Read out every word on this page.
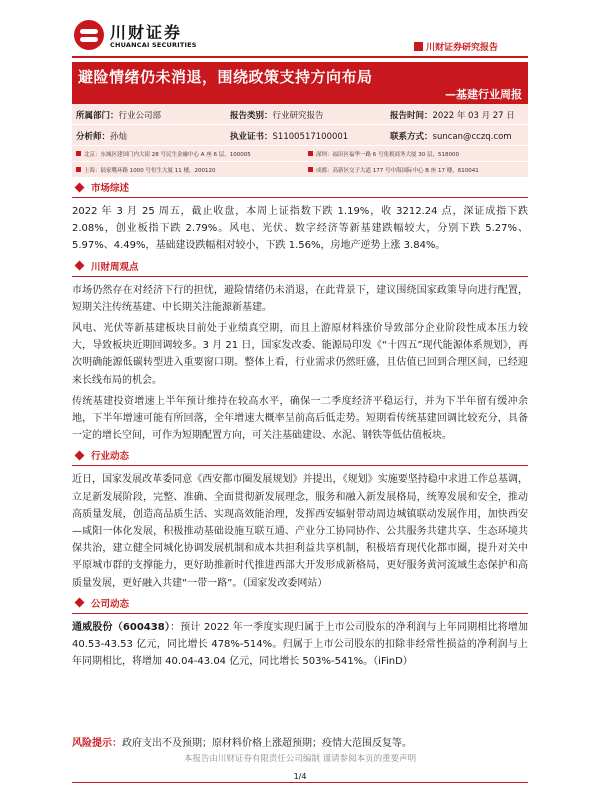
川财证券
CHUANCAI SECURITIES	川财证券研究报告
避险情绪仍未消退，围绕政策支持方向布局
—基建行业周报
所属部门：行业公司部	报告类别：行业研究报告	报告时间：2022 年 03 月 27 日
分析师：孙灿	执业证书：S1100517100001	联系方式：suncan@cczq.com
北京：东城区建国门内大街 28 号民生金融中心 A 座 6 层，100005	深圳：福田区福华一路 6 号免税商务大厦 30 层，518000
上海：陆家嘴环路 1000 号恒生大厦 11 楼，200120	成都：高新区交子大道 177 号中海国际中心 B 座 17 楼，610041
市场综述

2022 年 3 月 25 周五，截止收盘，本周上证指数下跌 1.19%，收 3212.24 点，深证成指下跌 2.08%，创业板指下跌 2.79%。风电、光伏、数字经济等新基建跌幅较大，分别下跌 5.27%、5.97%、4.49%，基础建设跌幅相对较小，下跌 1.56%，房地产逆势上涨 3.84%。

川财周观点

市场仍然存在对经济下行的担忧，避险情绪仍未消退，在此背景下，建议围绕国家政策导向进行配置，短期关注传统基建、中长期关注能源新基建。

风电、光伏等新基建板块目前处于业绩真空期，而且上游原材料涨价导致部分企业阶段性成本压力较大，导致板块近期回调较多。3 月 21 日，国家发改委、能源局印发《“十四五”现代能源体系规划》，再次明确能源低碳转型进入重要窗口期。整体上看，行业需求仍然旺盛，且估值已回到合理区间，已经迎来长线布局的机会。

传统基建投资增速上半年预计维持在较高水平，确保一二季度经济平稳运行，并为下半年留有缓冲余地，下半年增速可能有所回落，全年增速大概率呈前高后低走势。短期看传统基建回调比较充分，具备一定的增长空间，可作为短期配置方向，可关注基础建设、水泥、钢铁等低估值板块。

行业动态

近日，国家发展改革委同意《西安都市圈发展规划》并提出，《规划》实施要坚持稳中求进工作总基调，立足新发展阶段，完整、准确、全面贯彻新发展理念，服务和融入新发展格局，统筹发展和安全，推动高质量发展，创造高品质生活、实现高效能治理，发挥西安辐射带动周边城镇联动发展作用，加快西安—咸阳一体化发展，积极推动基础设施互联互通、产业分工协同协作、公共服务共建共享、生态环境共保共治，建立健全同城化协调发展机制和成本共担利益共享机制，积极培育现代化都市圈，提升对关中平原城市群的支撑能力，更好助推新时代推进西部大开发形成新格局，更好服务黄河流域生态保护和高质量发展，更好融入共建“一带一路”。（国家发改委网站）

公司动态

通威股份（600438）：预计 2022 年一季度实现归属于上市公司股东的净利润与上年同期相比将增加 40.53-43.53 亿元，同比增长 478%-514%。归属于上市公司股东的扣除非经常性损益的净利润与上年同期相比，将增加 40.04-43.04 亿元，同比增长 503%-541%。（iFinD）

风险提示：政府支出不及预期；原材料价格上涨超预期；疫情大范围反复等。
本报告由川财证券有限责任公司编制 谨请参阅本页的重要声明
1/4
